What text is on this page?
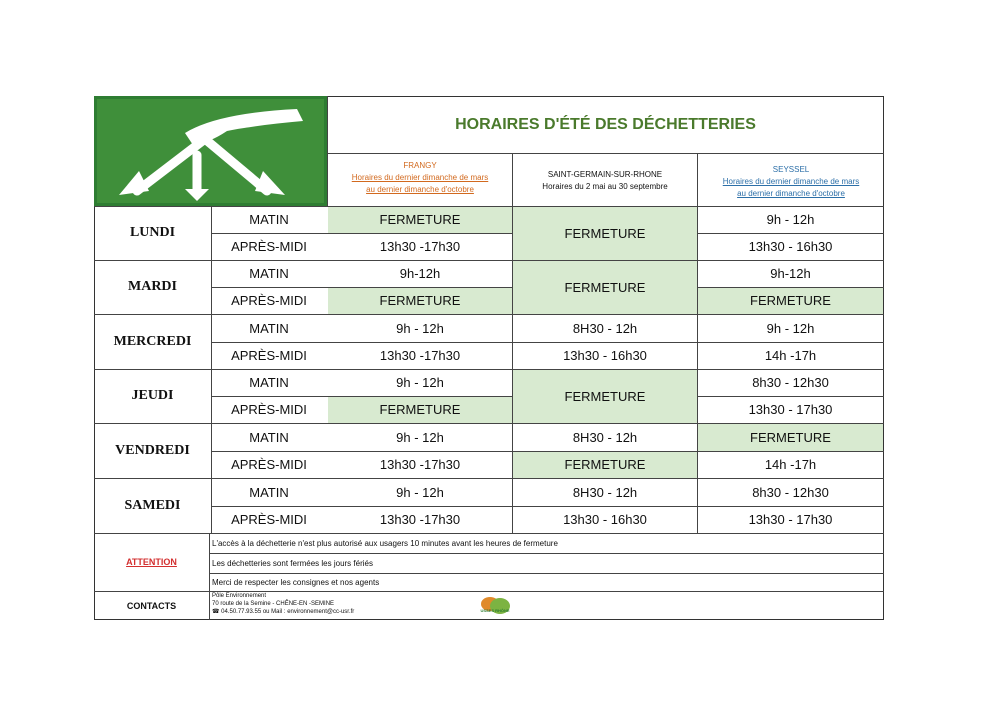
HORAIRES D'ÉTÉ DES DÉCHETTERIES
FRANGY
Horaires du dernier dimanche de mars
au dernier dimanche d'octobre
SAINT-GERMAIN-SUR-RHONE
Horaires du 2 mai au 30 septembre
SEYSSEL
Horaires du dernier dimanche de mars
au dernier dimanche d'octobre
LUNDI
MARDI
MERCREDI
JEUDI
VENDREDI
SAMEDI
MATIN
APRÈS-MIDI
MATIN
APRÈS-MIDI
MATIN
APRÈS-MIDI
MATIN
APRÈS-MIDI
MATIN
APRÈS-MIDI
MATIN
APRÈS-MIDI
FERMETURE
13h30 -17h30
9h-12h
FERMETURE
9h - 12h
13h30 -17h30
9h - 12h
FERMETURE
9h - 12h
13h30 -17h30
9h - 12h
13h30 -17h30
FERMETURE
FERMETURE
8H30 - 12h
13h30 - 16h30
FERMETURE
8H30 - 12h
FERMETURE
8H30 - 12h
13h30 - 16h30
9h - 12h
13h30 - 16h30
9h-12h
FERMETURE
9h - 12h
14h -17h
8h30 - 12h30
13h30 - 17h30
FERMETURE
14h -17h
8h30 - 12h30
13h30 - 17h30
ATTENTION
L'accès à la déchetterie n'est plus autorisé aux usagers 10 minutes avant les heures de fermeture
Les déchetteries sont fermées les jours fériés
Merci de respecter les consignes et nos agents
CONTACTS
Pôle Environnement
70 route de la Semine - CHÊNE-EN -SEMINE
☎ 04.50.77.93.55 ou Mail : environnement@cc-usr.fr	USSES RHÔNE
